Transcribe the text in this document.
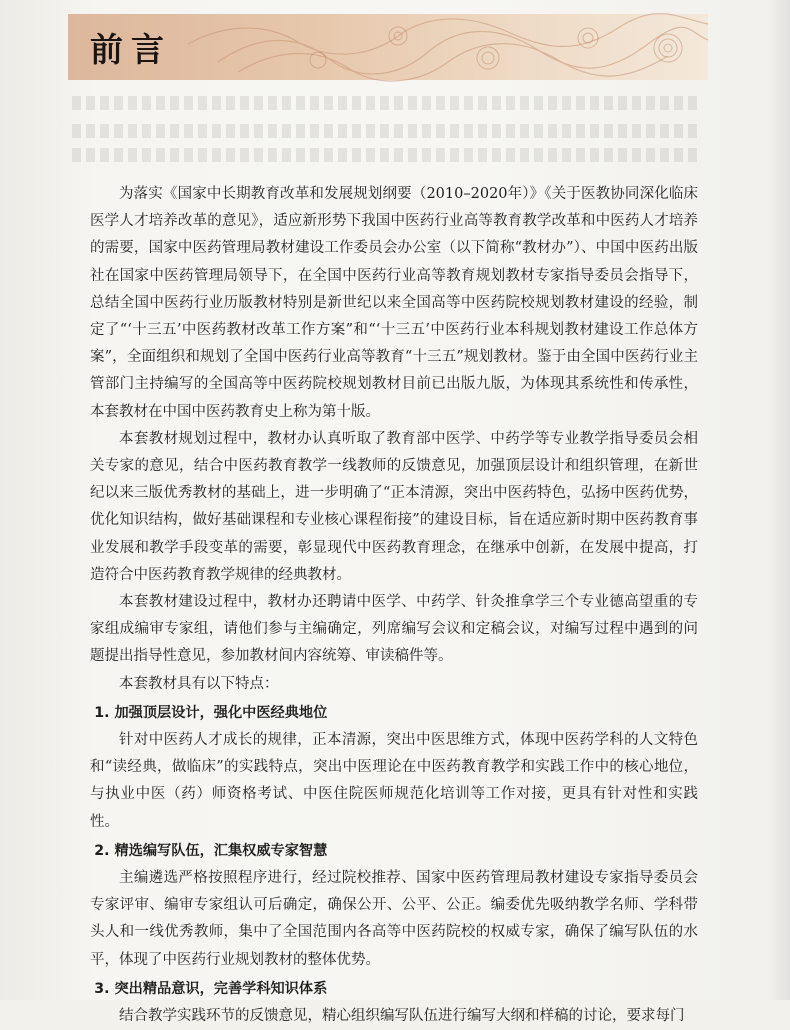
前言

为落实《国家中长期教育改革和发展规划纲要（2010–2020年）》《关于医教协同深化临床医学人才培养改革的意见》，适应新形势下我国中医药行业高等教育教学改革和中医药人才培养的需要，国家中医药管理局教材建设工作委员会办公室（以下简称“教材办”）、中国中医药出版社在国家中医药管理局领导下，在全国中医药行业高等教育规划教材专家指导委员会指导下，总结全国中医药行业历版教材特别是新世纪以来全国高等中医药院校规划教材建设的经验，制定了“‘十三五’中医药教材改革工作方案”和“‘十三五’中医药行业本科规划教材建设工作总体方案”，全面组织和规划了全国中医药行业高等教育“十三五”规划教材。鉴于由全国中医药行业主管部门主持编写的全国高等中医药院校规划教材目前已出版九版，为体现其系统性和传承性，本套教材在中国中医药教育史上称为第十版。

本套教材规划过程中，教材办认真听取了教育部中医学、中药学等专业教学指导委员会相关专家的意见，结合中医药教育教学一线教师的反馈意见，加强顶层设计和组织管理，在新世纪以来三版优秀教材的基础上，进一步明确了“正本清源，突出中医药特色，弘扬中医药优势，优化知识结构，做好基础课程和专业核心课程衔接”的建设目标，旨在适应新时期中医药教育事业发展和教学手段变革的需要，彰显现代中医药教育理念，在继承中创新，在发展中提高，打造符合中医药教育教学规律的经典教材。

本套教材建设过程中，教材办还聘请中医学、中药学、针灸推拿学三个专业德高望重的专家组成编审专家组，请他们参与主编确定，列席编写会议和定稿会议，对编写过程中遇到的问题提出指导性意见，参加教材间内容统筹、审读稿件等。

本套教材具有以下特点：

1. 加强顶层设计，强化中医经典地位

针对中医药人才成长的规律，正本清源，突出中医思维方式，体现中医药学科的人文特色和“读经典，做临床”的实践特点，突出中医理论在中医药教育教学和实践工作中的核心地位，与执业中医（药）师资格考试、中医住院医师规范化培训等工作对接，更具有针对性和实践性。

2. 精选编写队伍，汇集权威专家智慧

主编遴选严格按照程序进行，经过院校推荐、国家中医药管理局教材建设专家指导委员会专家评审、编审专家组认可后确定，确保公开、公平、公正。编委优先吸纳教学名师、学科带头人和一线优秀教师，集中了全国范围内各高等中医药院校的权威专家，确保了编写队伍的水平，体现了中医药行业规划教材的整体优势。

3. 突出精品意识，完善学科知识体系

结合教学实践环节的反馈意见，精心组织编写队伍进行编写大纲和样稿的讨论，要求每门
